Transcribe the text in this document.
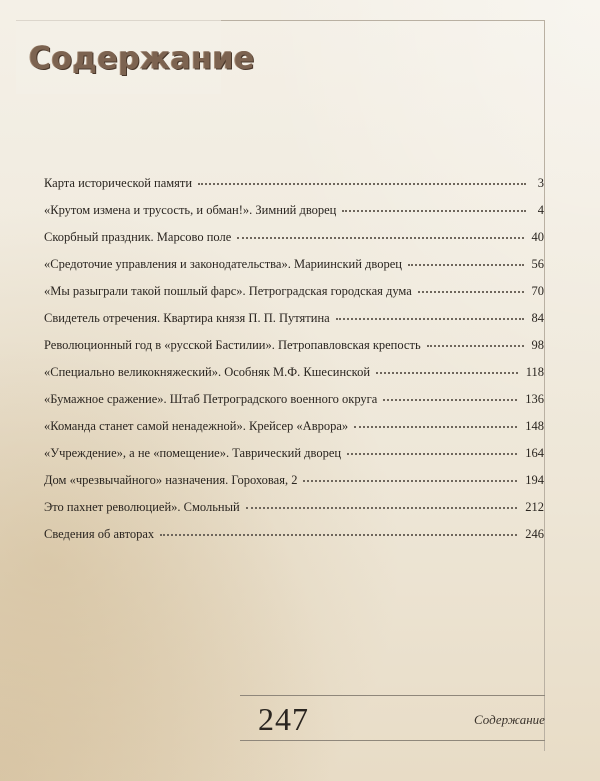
Содержание
Карта исторической памяти	3
«Крутом измена и трусость, и обман!». Зимний дворец	4
Скорбный праздник. Марсово поле	40
«Средоточие управления и законодательства». Мариинский дворец	56
«Мы разыграли такой пошлый фарс». Петроградская городская дума	70
Свидетель отречения. Квартира князя П. П. Путятина	84
Революционный год в «русской Бастилии». Петропавловская крепость	98
«Специально великокняжеский». Особняк М.Ф. Кшесинской	118
«Бумажное сражение». Штаб Петроградского военного округа	136
«Команда станет самой ненадежной». Крейсер «Аврора»	148
«Учреждение», а не «помещение». Таврический дворец	164
Дом «чрезвычайного» назначения. Гороховая, 2	194
Это пахнет революцией». Смольный	212
Сведения об авторах	246
247	Содержание
